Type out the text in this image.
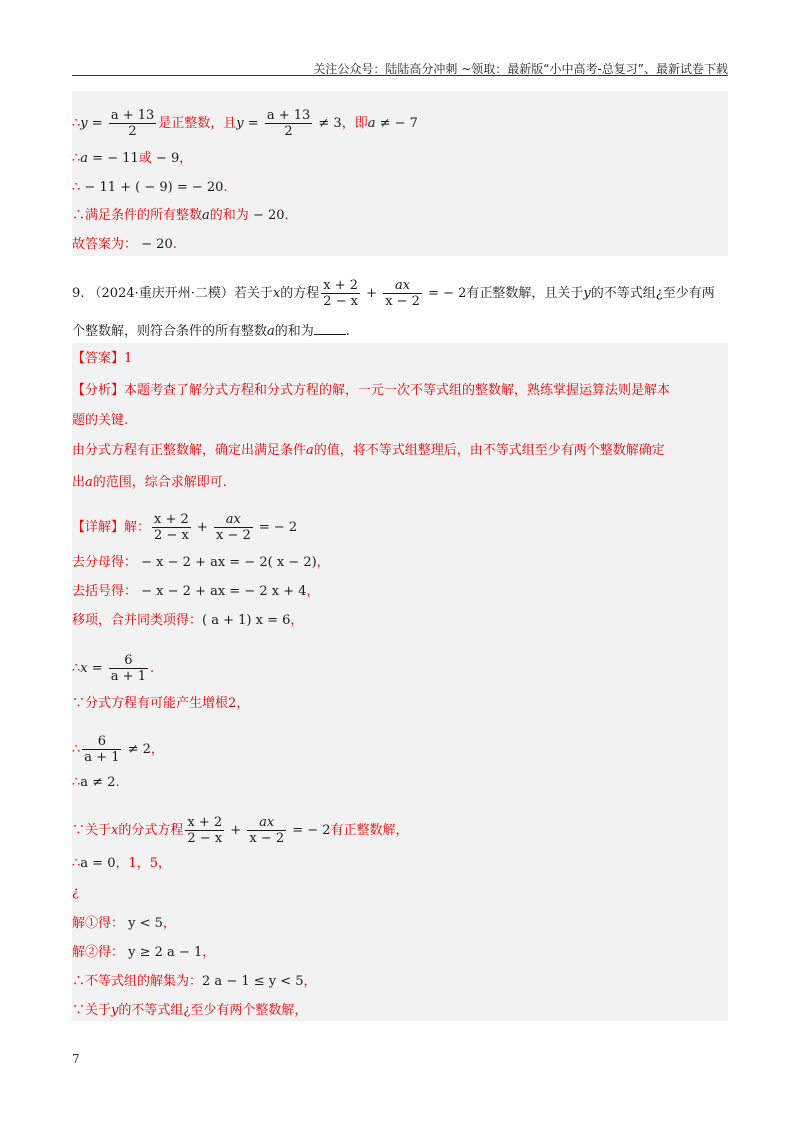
关注公众号：陆陆高分冲刺 ~领取：最新版“小中高考-总复习”、最新试卷下载
∴y = $\frac{a + 13}{2}$ 是正整数，且$y = \frac{a + 13}{2} \ne 3$，即a ≠ − 7
∴a = − 11或 − 9，
∴ − 11 + ( − 9) = − 20.
∴满足条件的所有整数a的和为 − 20.
故答案为： − 20.
9. （2024·重庆开州·二模）若关于x的方程 $\frac{x + 2}{2 - x} + \frac{ax}{x - 2}$ = − 2有正整数解，且关于y的不等式组¿至少有两
个整数解，则符合条件的所有整数a的和为 .
【答案】1
【分析】本题考查了解分式方程和分式方程的解，一元一次不等式组的整数解，熟练掌握运算法则是解本
题的关键.
由分式方程有正整数解，确定出满足条件a的值，将不等式组整理后，由不等式组至少有两个整数解确定
出a的范围，综合求解即可.
【详解】解： $\frac{x + 2}{2 - x} + \frac{ax}{x - 2}$ = − 2
去分母得： − x − 2 + ax = − 2( x − 2)，
去括号得： − x − 2 + ax = − 2 x + 4，
移项，合并同类项得：( a + 1) x = 6，
∴x = $\frac{6}{a + 1}$ .
∵分式方程有可能产生增根2，
∴ $\frac{6}{a + 1} \ne 2$，
∴a ≠ 2.
∵关于x的分式方程 $\frac{x + 2}{2 - x} + \frac{ax}{x - 2}$ = − 2有正整数解，
∴a = 0，1，5，
¿
解①得： y < 5，
解②得： y ≥ 2 a − 1，
∴不等式组的解集为：2 a − 1 ≤ y < 5，
∵关于y的不等式组¿至少有两个整数解，
7
